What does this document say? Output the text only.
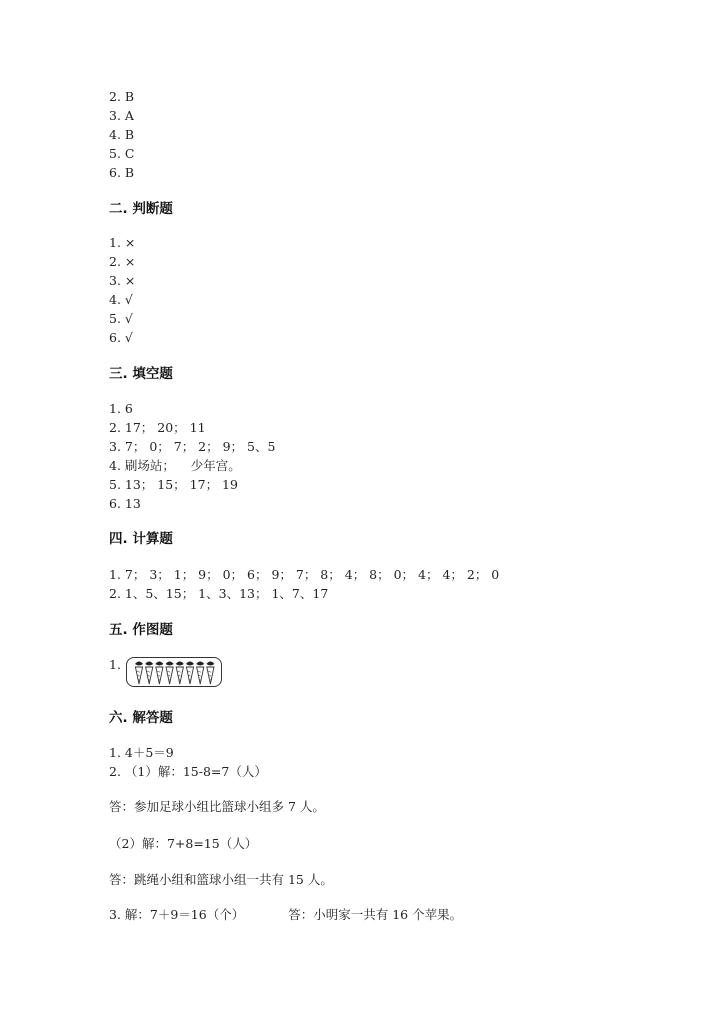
2. B
3. A
4. B
5. C
6. B
二. 判断题
1. ×
2. ×
3. ×
4. √
5. √
6. √
三. 填空题
1. 6
2. 17； 20； 11
3. 7； 0； 7； 2； 9； 5、5
4. 刷场站；    少年宫。
5. 13； 15； 17； 19
6. 13
四. 计算题
1. 7； 3； 1； 9； 0； 6； 9； 7； 8； 4； 8； 0； 4； 4； 2； 0
2. 1、5、15； 1、3、13； 1、7、17
五. 作图题
1.
六. 解答题
1. 4＋5＝9
2. （1）解：15-8=7（人）
答：参加足球小组比篮球小组多 7 人。
（2）解：7+8=15（人）
答：跳绳小组和篮球小组一共有 15 人。
3. 解：7＋9＝16（个）	答：小明家一共有 16 个苹果。
